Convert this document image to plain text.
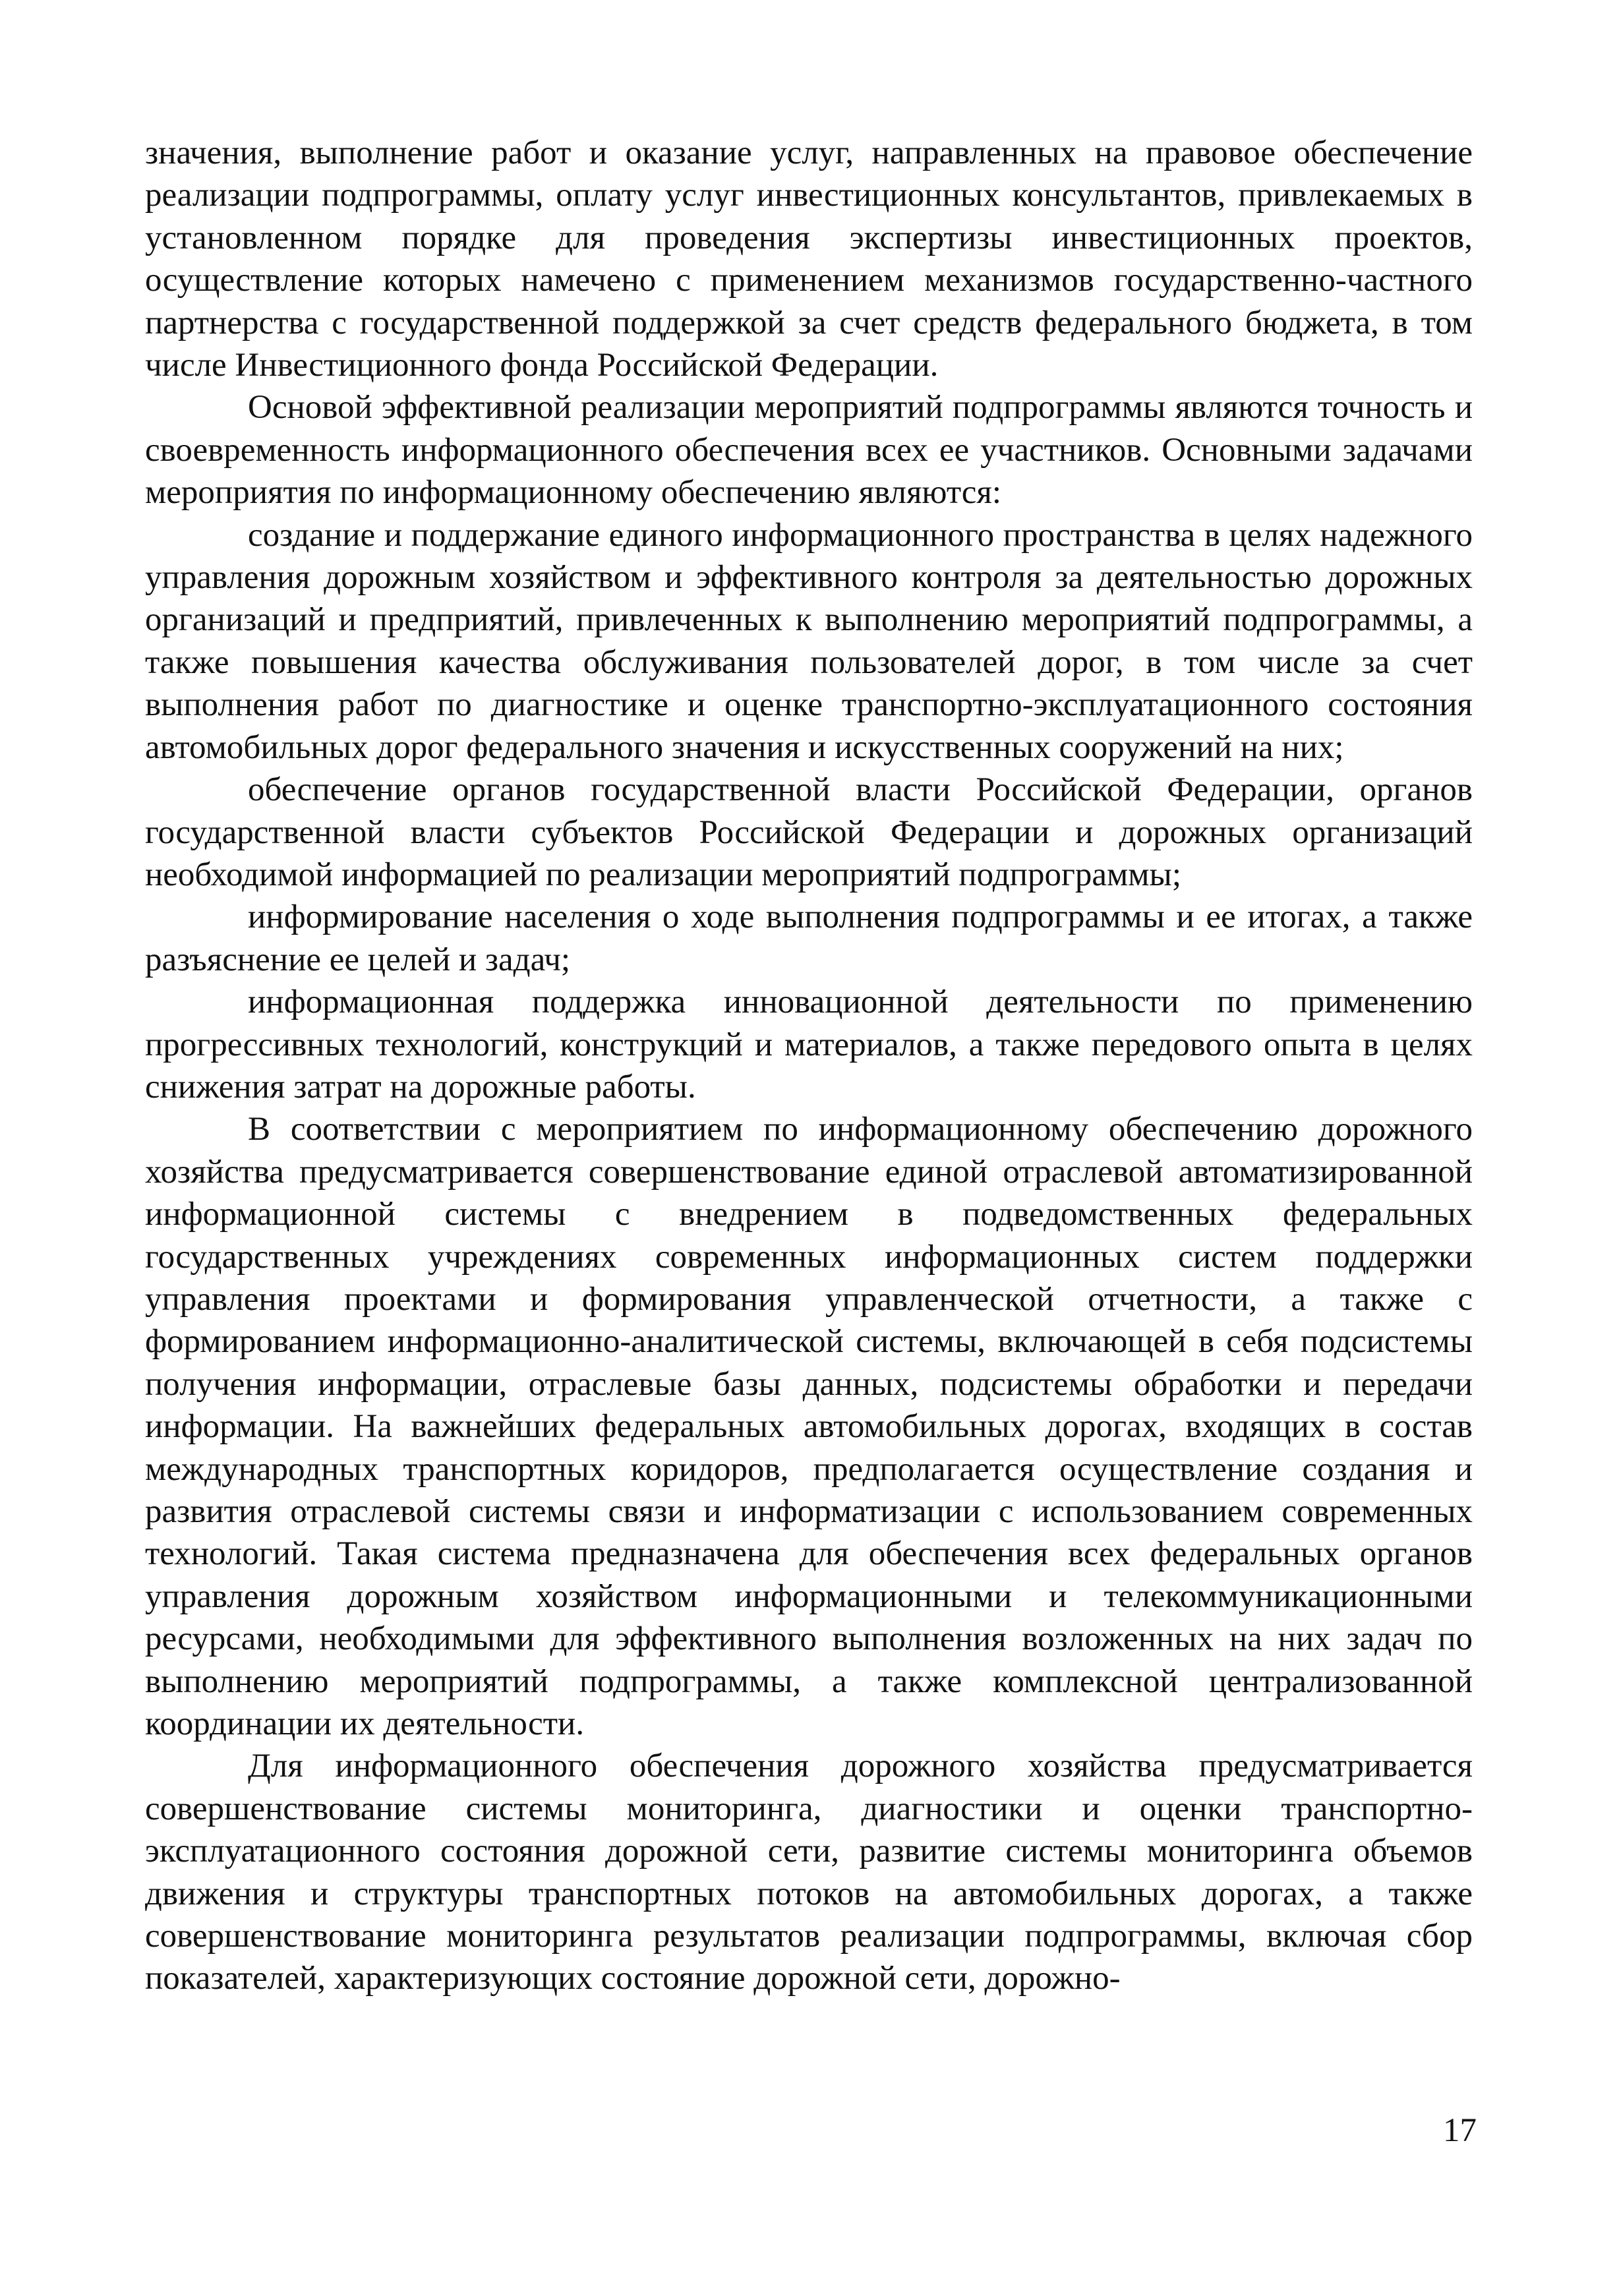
значения, выполнение работ и оказание услуг, направленных на правовое обеспечение реализации подпрограммы, оплату услуг инвестиционных консультантов, привлекаемых в установленном порядке для проведения экспертизы инвестиционных проектов, осуществление которых намечено с применением механизмов государственно-частного партнерства с государственной поддержкой за счет средств федерального бюджета, в том числе Инвестиционного фонда Российской Федерации.

Основой эффективной реализации мероприятий подпрограммы являются точность и своевременность информационного обеспечения всех ее участников. Основными задачами мероприятия по информационному обеспечению являются:

создание и поддержание единого информационного пространства в целях надежного управления дорожным хозяйством и эффективного контроля за деятельностью дорожных организаций и предприятий, привлеченных к выполнению мероприятий подпрограммы, а также повышения качества обслуживания пользователей дорог, в том числе за счет выполнения работ по диагностике и оценке транспортно-эксплуатационного состояния автомобильных дорог федерального значения и искусственных сооружений на них;

обеспечение органов государственной власти Российской Федерации, органов государственной власти субъектов Российской Федерации и дорожных организаций необходимой информацией по реализации мероприятий подпрограммы;

информирование населения о ходе выполнения подпрограммы и ее итогах, а также разъяснение ее целей и задач;

информационная поддержка инновационной деятельности по применению прогрессивных технологий, конструкций и материалов, а также передового опыта в целях снижения затрат на дорожные работы.

В соответствии с мероприятием по информационному обеспечению дорожного хозяйства предусматривается совершенствование единой отраслевой автоматизированной информационной системы с внедрением в подведомственных федеральных государственных учреждениях современных информационных систем поддержки управления проектами и формирования управленческой отчетности, а также с формированием информационно-аналитической системы, включающей в себя подсистемы получения информации, отраслевые базы данных, подсистемы обработки и передачи информации. На важнейших федеральных автомобильных дорогах, входящих в состав международных транспортных коридоров, предполагается осуществление создания и развития отраслевой системы связи и информатизации с использованием современных технологий. Такая система предназначена для обеспечения всех федеральных органов управления дорожным хозяйством информационными и телекоммуникационными ресурсами, необходимыми для эффективного выполнения возложенных на них задач по выполнению мероприятий подпрограммы, а также комплексной централизованной координации их деятельности.

Для информационного обеспечения дорожного хозяйства предусматривается совершенствование системы мониторинга, диагностики и оценки транспортно-эксплуатационного состояния дорожной сети, развитие системы мониторинга объемов движения и структуры транспортных потоков на автомобильных дорогах, а также совершенствование мониторинга результатов реализации подпрограммы, включая сбор показателей, характеризующих состояние дорожной сети, дорожно-

17
